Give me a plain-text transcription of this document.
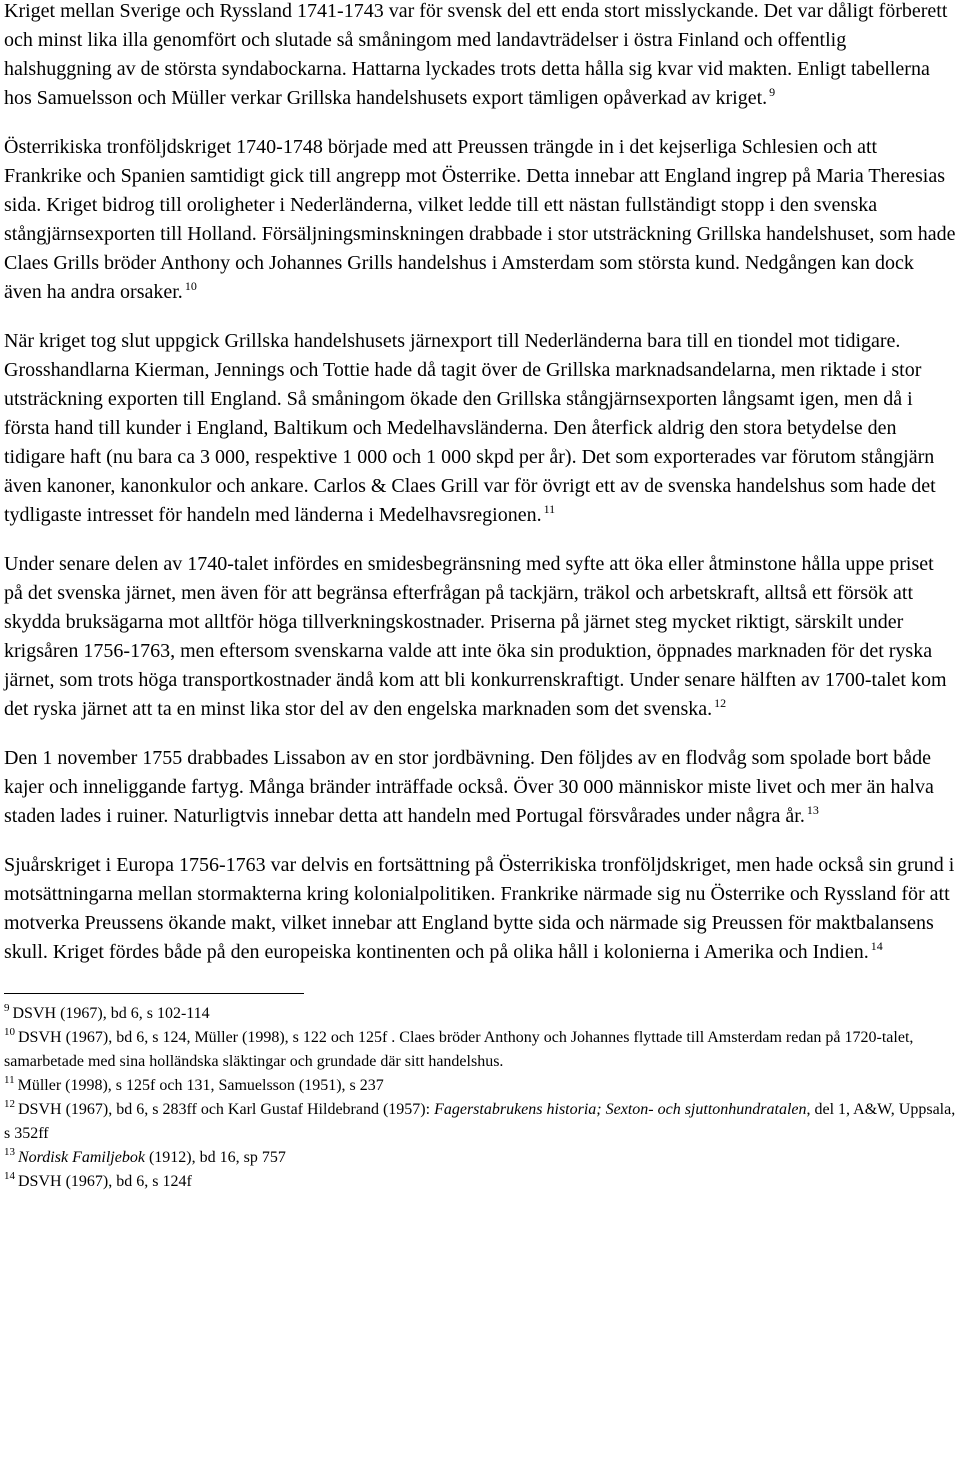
Kriget mellan Sverige och Ryssland 1741-1743 var för svensk del ett enda stort misslyckande. Det var dåligt förberett och minst lika illa genomfört och slutade så småningom med landavträdelser i östra Finland och offentlig halshuggning av de största syndabockarna. Hattarna lyckades trots detta hålla sig kvar vid makten. Enligt tabellerna hos Samuelsson och Müller verkar Grillska handelshusets export tämligen opåverkad av kriget. $^9$

Österrikiska tronföljdskriget 1740-1748 började med att Preussen trängde in i det kejserliga Schlesien och att Frankrike och Spanien samtidigt gick till angrepp mot Österrike. Detta innebar att England ingrep på Maria Theresias sida. Kriget bidrog till oroligheter i Nederländerna, vilket ledde till ett nästan fullständigt stopp i den svenska stångjärnsexporten till Holland. Försäljningsminskningen drabbade i stor utsträckning Grillska handelshuset, som hade Claes Grills bröder Anthony och Johannes Grills handelshus i Amsterdam som största kund. Nedgången kan dock även ha andra orsaker. $^{10}$

När kriget tog slut uppgick Grillska handelshusets järnexport till Nederländerna bara till en tiondel mot tidigare. Grosshandlarna Kierman, Jennings och Tottie hade då tagit över de Grillska marknadsandelarna, men riktade i stor utsträckning exporten till England. Så småningom ökade den Grillska stångjärnsexporten långsamt igen, men då i första hand till kunder i England, Baltikum och Medelhavsländerna. Den återfick aldrig den stora betydelse den tidigare haft (nu bara ca 3 000, respektive 1 000 och 1 000 skpd per år). Det som exporterades var förutom stångjärn även kanoner, kanonkulor och ankare. Carlos & Claes Grill var för övrigt ett av de svenska handelshus som hade det tydligaste intresset för handeln med länderna i Medelhavsregionen. $^{11}$

Under senare delen av 1740-talet infördes en smidesbegränsning med syfte att öka eller åtminstone hålla uppe priset på det svenska järnet, men även för att begränsa efterfrågan på tackjärn, träkol och arbetskraft, alltså ett försök att skydda bruksägarna mot alltför höga tillverkningskostnader. Priserna på järnet steg mycket riktigt, särskilt under krigsåren 1756-1763, men eftersom svenskarna valde att inte öka sin produktion, öppnades marknaden för det ryska järnet, som trots höga transportkostnader ändå kom att bli konkurrenskraftigt. Under senare hälften av 1700-talet kom det ryska järnet att ta en minst lika stor del av den engelska marknaden som det svenska. $^{12}$

Den 1 november 1755 drabbades Lissabon av en stor jordbävning. Den följdes av en flodvåg som spolade bort både kajer och inneliggande fartyg. Många bränder inträffade också. Över 30 000 människor miste livet och mer än halva staden lades i ruiner. Naturligtvis innebar detta att handeln med Portugal försvårades under några år. $^{13}$

Sjuårskriget i Europa 1756-1763 var delvis en fortsättning på Österrikiska tronföljdskriget, men hade också sin grund i motsättningarna mellan stormakterna kring kolonialpolitiken. Frankrike närmade sig nu Österrike och Ryssland för att motverka Preussens ökande makt, vilket innebar att England bytte sida och närmade sig Preussen för maktbalansens skull. Kriget fördes både på den europeiska kontinenten och på olika håll i kolonierna i Amerika och Indien. $^{14}$

$^9$ DSVH (1967), bd 6, s 102-114

$^{10}$ DSVH (1967), bd 6, s 124, Müller (1998), s 122 och 125f . Claes bröder Anthony och Johannes flyttade till Amsterdam redan på 1720-talet, samarbetade med sina holländska släktingar och grundade där sitt handelshus.

$^{11}$ Müller (1998), s 125f och 131, Samuelsson (1951), s 237

$^{12}$ DSVH (1967), bd 6, s 283ff och Karl Gustaf Hildebrand (1957): Fagerstabrukens historia; Sexton- och sjuttonhundratalen, del 1, A&W, Uppsala, s 352ff

$^{13}$ Nordisk Familjebok (1912), bd 16, sp 757

$^{14}$ DSVH (1967), bd 6, s 124f
